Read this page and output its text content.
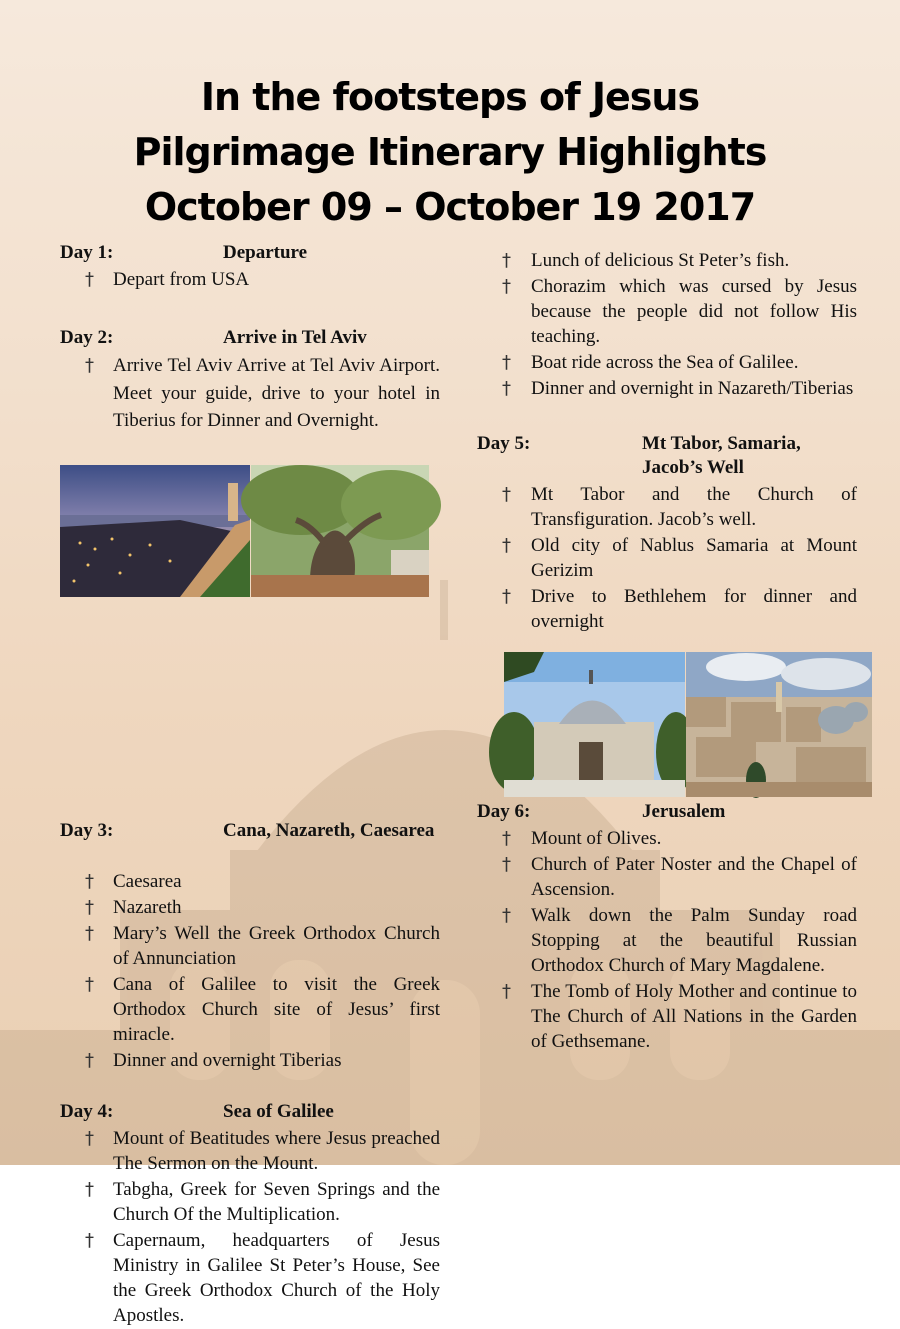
In the footsteps of Jesus
Pilgrimage Itinerary Highlights
October 09 – October 19 2017
Day 1:	Departure
†
Depart from USA
Day 2:	Arrive in Tel Aviv
†
Arrive Tel Aviv Arrive at Tel Aviv Airport. Meet your guide, drive to your hotel in Tiberius for Dinner and Overnight.
Day 3:	Cana, Nazareth, Caesarea
†
Caesarea
†
Nazareth
†
Mary’s Well the Greek Orthodox Church of Annunciation
†
Cana of Galilee to visit the Greek Orthodox Church site of Jesus’ first miracle.
†
Dinner and overnight Tiberias
Day 4:	Sea of Galilee
†
Mount of Beatitudes where Jesus preached The Sermon on the Mount.
†
Tabgha, Greek for Seven Springs and the Church Of the Multiplication.
†
Capernaum, headquarters of Jesus Ministry in Galilee St Peter’s House, See the Greek Orthodox Church of the Holy Apostles.
†
Lunch of delicious St Peter’s fish.
†
Chorazim which was cursed by Jesus because the people did not follow His teaching.
†
Boat ride across the Sea of Galilee.
†
Dinner and overnight in Nazareth/Tiberias
Day 5:	Mt Tabor, Samaria, Jacob’s Well
†
Mt Tabor and the Church of Transfiguration. Jacob’s well.
†
Old city of Nablus Samaria at Mount Gerizim
†
Drive to Bethlehem for dinner and overnight
Day 6:	Jerusalem
†
Mount of Olives.
†
Church of Pater Noster and the Chapel of Ascension.
†
Walk down the Palm Sunday road Stopping at the beautiful Russian Orthodox Church of Mary Magdalene.
†
The Tomb of Holy Mother and continue to The Church of All Nations in the Garden of Gethsemane.
